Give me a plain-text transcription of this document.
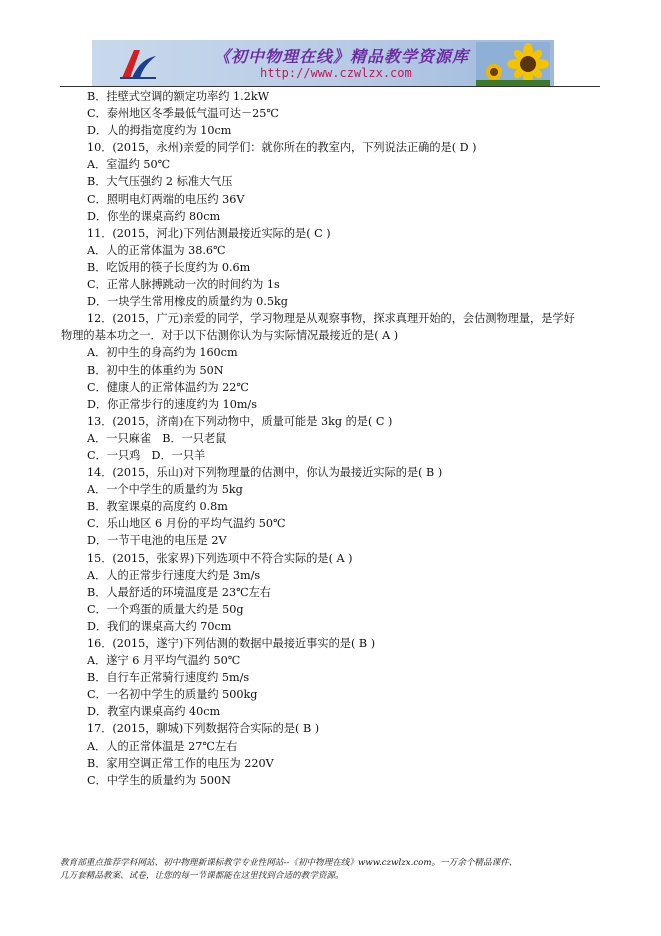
《初中物理在线》精品教学资源库
http://www.czwlzx.com
B．挂壁式空调的额定功率约 1.2kW
C．泰州地区冬季最低气温可达－25℃
D．人的拇指宽度约为 10cm
10．(2015，永州)亲爱的同学们：就你所在的教室内，下列说法正确的是( D )
A．室温约 50℃
B．大气压强约 2 标准大气压
C．照明电灯两端的电压约 36V
D．你坐的课桌高约 80cm
11．(2015，河北)下列估测最接近实际的是( C )
A．人的正常体温为 38.6℃
B．吃饭用的筷子长度约为 0.6m
C．正常人脉搏跳动一次的时间约为 1s
D．一块学生常用橡皮的质量约为 0.5kg
12．(2015，广元)亲爱的同学，学习物理是从观察事物，探求真理开始的，会估测物理量，是学好
物理的基本功之一．对于以下估测你认为与实际情况最接近的是( A )
A．初中生的身高约为 160cm
B．初中生的体重约为 50N
C．健康人的正常体温约为 22℃
D．你正常步行的速度约为 10m/s
13．(2015，济南)在下列动物中，质量可能是 3kg 的是( C )
A．一只麻雀　B．一只老鼠
C．一只鸡　D．一只羊
14．(2015，乐山)对下列物理量的估测中，你认为最接近实际的是( B )
A．一个中学生的质量约为 5kg
B．教室课桌的高度约 0.8m
C．乐山地区 6 月份的平均气温约 50℃
D．一节干电池的电压是 2V
15．(2015，张家界)下列选项中不符合实际的是( A )
A．人的正常步行速度大约是 3m/s
B．人最舒适的环境温度是 23℃左右
C．一个鸡蛋的质量大约是 50g
D．我们的课桌高大约 70cm
16．(2015，遂宁)下列估测的数据中最接近事实的是( B )
A．遂宁 6 月平均气温约 50℃
B．自行车正常骑行速度约 5m/s
C．一名初中学生的质量约 500kg
D．教室内课桌高约 40cm
17．(2015，聊城)下列数据符合实际的是( B )
A．人的正常体温是 27℃左右
B．家用空调正常工作的电压为 220V
C．中学生的质量约为 500N
教育部重点推荐学科网站、初中物理新课标教学专业性网站--《初中物理在线》www.czwlzx.com。一万余个精品课件、
几万套精品教案、试卷，让您的每一节课都能在这里找到合适的教学资源。
